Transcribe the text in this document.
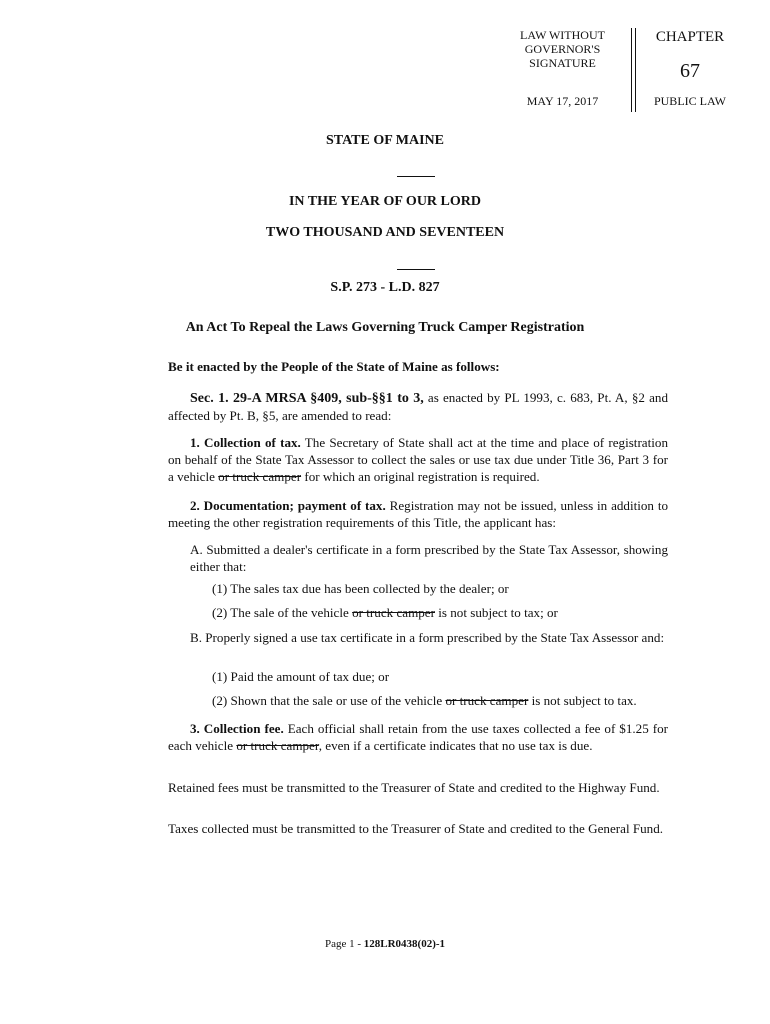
LAW WITHOUT
GOVERNOR'S
SIGNATURE
MAY 17, 2017
CHAPTER
67
PUBLIC LAW
STATE OF MAINE
IN THE YEAR OF OUR LORD
TWO THOUSAND AND SEVENTEEN
S.P. 273 - L.D. 827
An Act To Repeal the Laws Governing Truck Camper Registration
Be it enacted by the People of the State of Maine as follows:

Sec. 1. 29-A MRSA §409, sub-§§1 to 3, as enacted by PL 1993, c. 683, Pt. A, §2 and affected by Pt. B, §5, are amended to read:

1. Collection of tax. The Secretary of State shall act at the time and place of registration on behalf of the State Tax Assessor to collect the sales or use tax due under Title 36, Part 3 for a vehicle or truck camper for which an original registration is required.

2. Documentation; payment of tax. Registration may not be issued, unless in addition to meeting the other registration requirements of this Title, the applicant has:

A. Submitted a dealer's certificate in a form prescribed by the State Tax Assessor, showing either that:
(1) The sales tax due has been collected by the dealer; or
(2) The sale of the vehicle or truck camper is not subject to tax; or
B. Properly signed a use tax certificate in a form prescribed by the State Tax Assessor and:
(1) Paid the amount of tax due; or
(2) Shown that the sale or use of the vehicle or truck camper is not subject to tax.

3. Collection fee. Each official shall retain from the use taxes collected a fee of $1.25 for each vehicle or truck camper, even if a certificate indicates that no use tax is due.

Retained fees must be transmitted to the Treasurer of State and credited to the Highway Fund.
Taxes collected must be transmitted to the Treasurer of State and credited to the General Fund.
Page 1 - 128LR0438(02)-1
